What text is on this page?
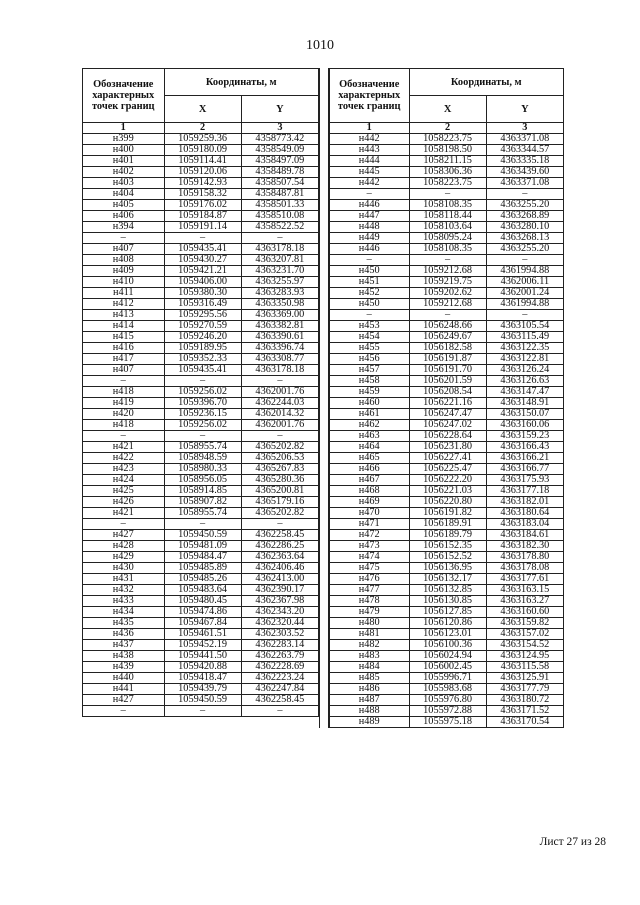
1010
Обозначение характерных точек границ	Координаты, м	
	X	Y
1	2	3
н399	1059259.36	4358773.42
н400	1059180.09	4358549.09
н401	1059114.41	4358497.09
н402	1059120.06	4358489.78
н403	1059142.93	4358507.54
н404	1059158.32	4358487.81
н405	1059176.02	4358501.33
н406	1059184.87	4358510.08
н394	1059191.14	4358522.52
–	–	–
н407	1059435.41	4363178.18
н408	1059430.27	4363207.81
н409	1059421.21	4363231.70
н410	1059406.00	4363255.97
н411	1059380.30	4363283.93
н412	1059316.49	4363350.98
н413	1059295.56	4363369.00
н414	1059270.59	4363382.81
н415	1059246.20	4363390.61
н416	1059189.95	4363396.74
н417	1059352.33	4363308.77
н407	1059435.41	4363178.18
–	–	–
н418	1059256.02	4362001.76
н419	1059396.70	4362244.03
н420	1059236.15	4362014.32
н418	1059256.02	4362001.76
–	–	–
н421	1058955.74	4365202.82
н422	1058948.59	4365206.53
н423	1058980.33	4365267.83
н424	1058956.05	4365280.36
н425	1058914.85	4365200.81
н426	1058907.82	4365179.16
н421	1058955.74	4365202.82
–	–	–
н427	1059450.59	4362258.45
н428	1059481.09	4362286.25
н429	1059484.47	4362363.64
н430	1059485.89	4362406.46
н431	1059485.26	4362413.00
н432	1059483.64	4362390.17
н433	1059480.45	4362367.98
н434	1059474.86	4362343.20
н435	1059467.84	4362320.44
н436	1059461.51	4362303.52
н437	1059452.19	4362283.14
н438	1059441.50	4362263.79
н439	1059420.88	4362228.69
н440	1059418.47	4362223.24
н441	1059439.79	4362247.84
н427	1059450.59	4362258.45
–	–	–
Обозначение характерных точек границ	Координаты, м	
	X	Y
1	2	3
н442	1058223.75	4363371.08
н443	1058198.50	4363344.57
н444	1058211.15	4363335.18
н445	1058306.36	4363439.60
н442	1058223.75	4363371.08
–	–	–
н446	1058108.35	4363255.20
н447	1058118.44	4363268.89
н448	1058103.64	4363280.10
н449	1058095.24	4363268.13
н446	1058108.35	4363255.20
–	–	–
н450	1059212.68	4361994.88
н451	1059219.75	4362006.11
н452	1059202.62	4362001.24
н450	1059212.68	4361994.88
–	–	–
н453	1056248.66	4363105.54
н454	1056249.67	4363115.49
н455	1056182.58	4363122.35
н456	1056191.87	4363122.81
н457	1056191.70	4363126.24
н458	1056201.59	4363126.63
н459	1056208.54	4363147.47
н460	1056221.16	4363148.91
н461	1056247.47	4363150.07
н462	1056247.02	4363160.06
н463	1056228.64	4363159.23
н464	1056231.80	4363166.43
н465	1056227.41	4363166.21
н466	1056225.47	4363166.77
н467	1056222.20	4363175.93
н468	1056221.03	4363177.18
н469	1056220.80	4363182.01
н470	1056191.82	4363180.64
н471	1056189.91	4363183.04
н472	1056189.79	4363184.61
н473	1056152.35	4363182.30
н474	1056152.52	4363178.80
н475	1056136.95	4363178.08
н476	1056132.17	4363177.61
н477	1056132.85	4363163.15
н478	1056130.85	4363163.27
н479	1056127.85	4363160.60
н480	1056120.86	4363159.82
н481	1056123.01	4363157.02
н482	1056100.36	4363154.52
н483	1056024.94	4363124.95
н484	1056002.45	4363115.58
н485	1055996.71	4363125.91
н486	1055983.68	4363177.79
н487	1055976.80	4363180.72
н488	1055972.88	4363171.52
н489	1055975.18	4363170.54
Лист 27 из 28
